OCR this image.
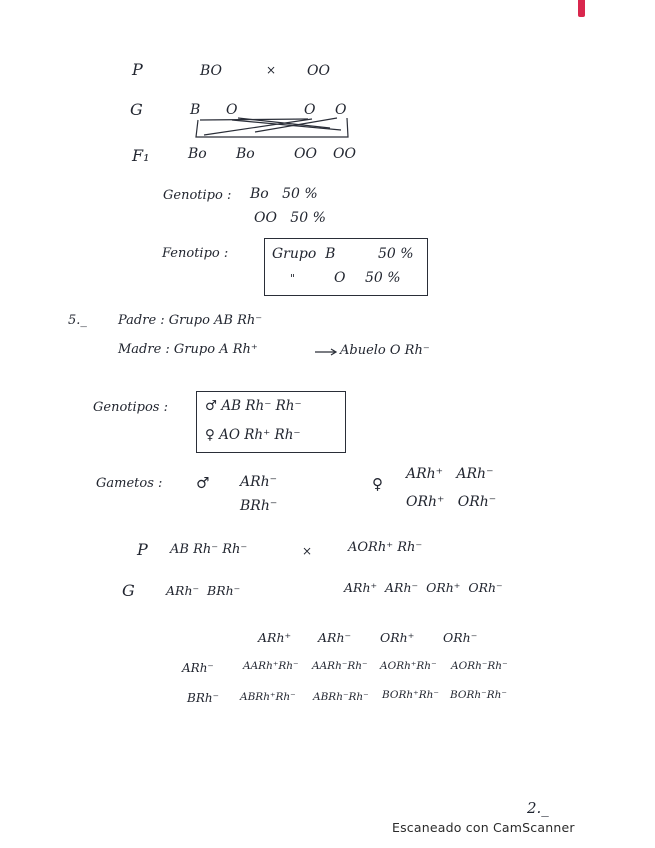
P	BO	× OO
G	B O	O O
F₁	Bo Bo	OO OO
Genotipo : Bo   50 %
OO   50 %
Fenotipo :	Grupo  B	50 %
"	O 50 %
5._ Padre : Grupo AB Rh⁻
Madre : Grupo A Rh⁺	Abuelo O Rh⁻
Genotipos :	♂ AB Rh⁻ Rh⁻
♀ AO Rh⁺ Rh⁻
Gametos : ♂ ARh⁻
BRh⁻
♀
ARh⁺   ARh⁻
ORh⁺   ORh⁻
P AB Rh⁻ Rh⁻	×	AORh⁺ Rh⁻
G ARh⁻  BRh⁻	ARh⁺  ARh⁻  ORh⁺  ORh⁻
ARh⁺ ARh⁻ ORh⁺ ORh⁻
ARh⁻	AARh⁺Rh⁻ AARh⁻Rh⁻ AORh⁺Rh⁻ AORh⁻Rh⁻
BRh⁻ ABRh⁺Rh⁻ ABRh⁻Rh⁻ BORh⁺Rh⁻ BORh⁻Rh⁻
2._
Escaneado con CamScanner
